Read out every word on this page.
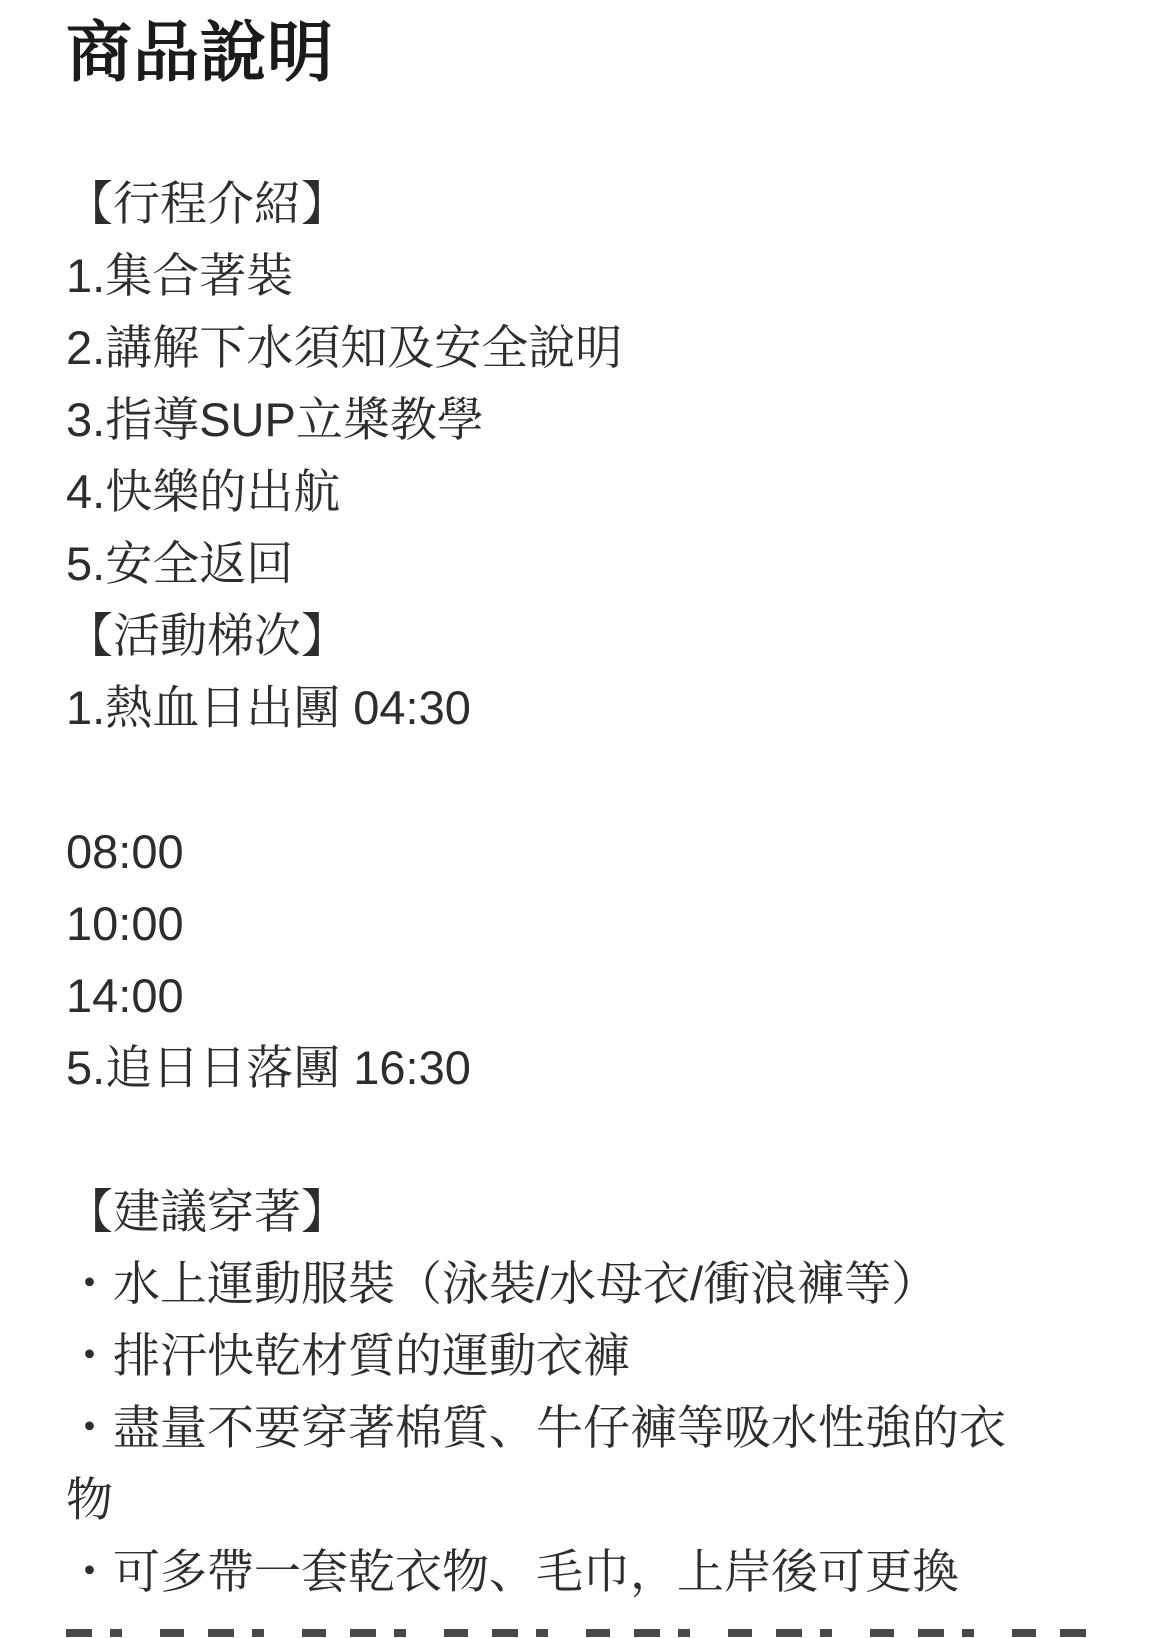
商品說明
【行程介紹】
1.集合著裝
2.講解下水須知及安全說明
3.指導SUP立槳教學
4.快樂的出航
5.安全返回
【活動梯次】
1.熱血日出團 04:30
08:00
10:00
14:00
5.追日日落團 16:30
【建議穿著】
・水上運動服裝（泳裝/水母衣/衝浪褲等）
・排汗快乾材質的運動衣褲
・盡量不要穿著棉質、牛仔褲等吸水性強的衣
物
・可多帶一套乾衣物、毛巾，上岸後可更換
